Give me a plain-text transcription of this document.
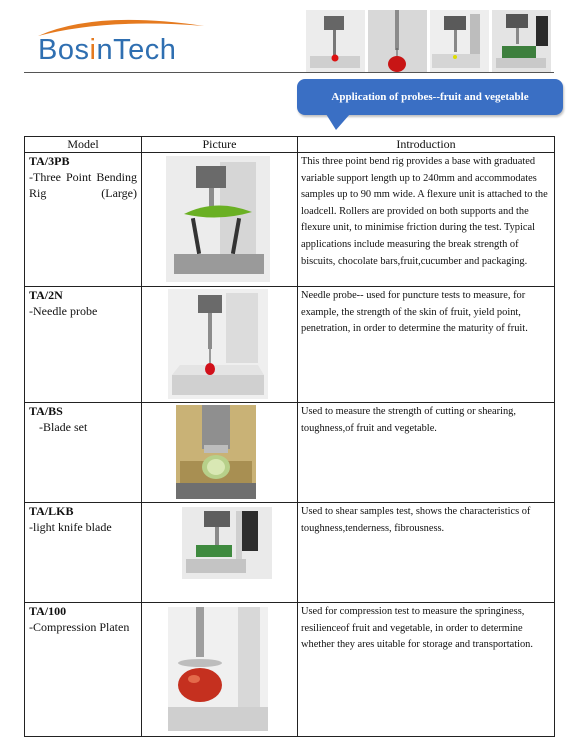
BosinTech
Application of probes--fruit and vegetable
Model	Picture	Introduction

TA/3PB
-Three Point Bending Rig (Large)		This three point bend rig provides a base with graduated variable support length up to 240mm and accommodates samples up to 90 mm wide. A flexure unit is attached to the loadcell. Rollers are provided on both supports and the flexure unit, to minimise friction during the test. Typical applications include measuring the break strength of biscuits, chocolate bars,fruit,cucumber and packaging.

TA/2N
-Needle probe		Needle probe-- used for puncture tests to measure, for example, the strength of the skin of fruit, yield point, penetration, in order to determine the maturity of fruit.

TA/BS
-Blade set		Used to measure the strength of cutting or shearing, toughness,of fruit and vegetable.

TA/LKB
-light knife blade		Used to shear samples test, shows the characteristics of toughness,tenderness, fibrousness.

TA/100
-Compression Platen		Used for compression test to measure the springiness, resilienceof fruit and vegetable, in order to determine whether they ares uitable for storage and transportation.
